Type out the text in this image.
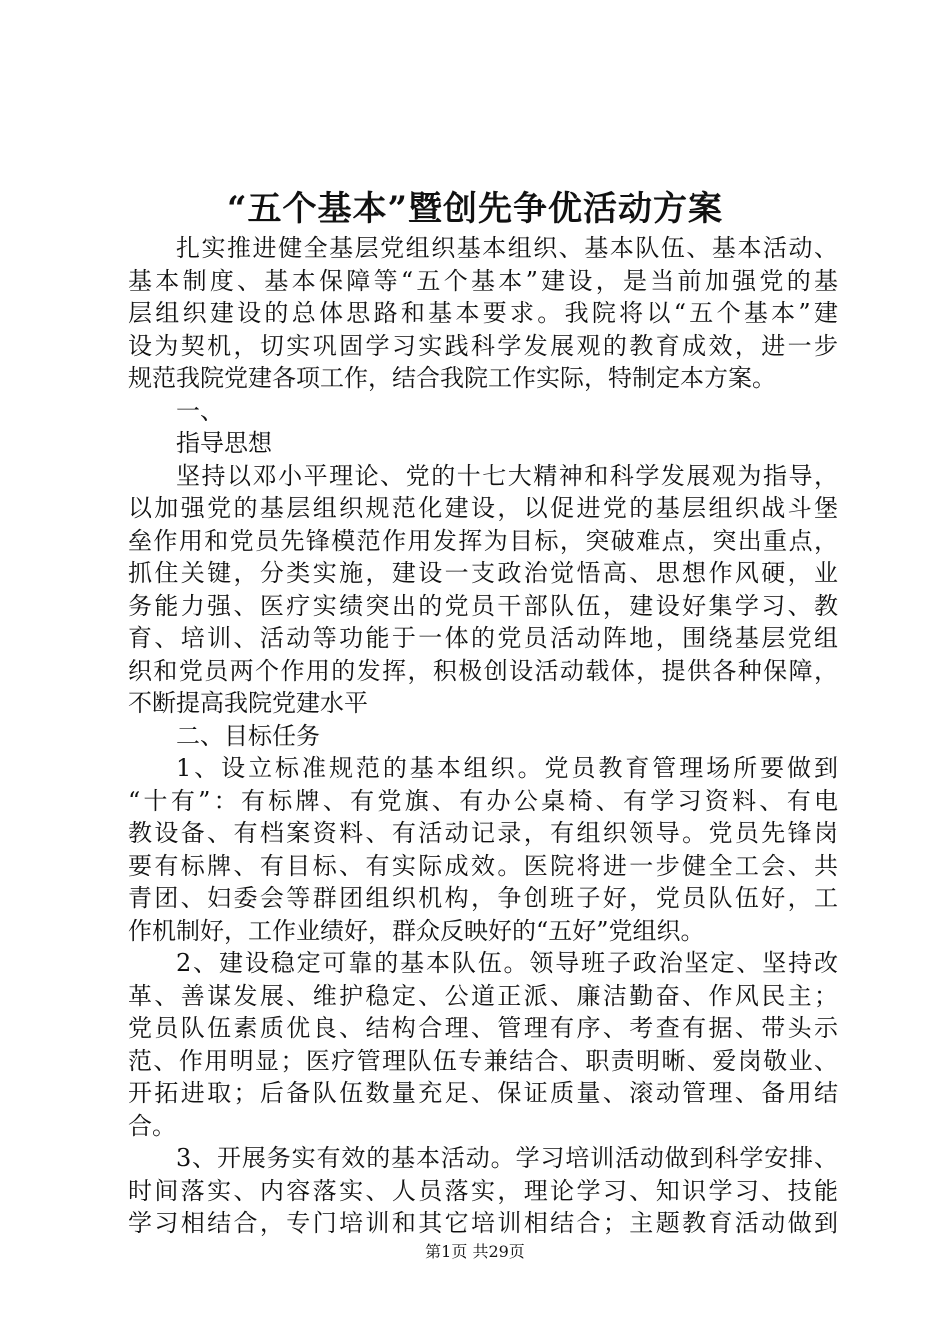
“五个基本”暨创先争优活动方案
扎实推进健全基层党组织基本组织、基本队伍、基本活动、
基本制度、基本保障等“五个基本”建设，是当前加强党的基
层组织建设的总体思路和基本要求。我院将以“五个基本”建
设为契机，切实巩固学习实践科学发展观的教育成效，进一步
规范我院党建各项工作，结合我院工作实际，特制定本方案。
一、
指导思想
坚持以邓小平理论、党的十七大精神和科学发展观为指导，
以加强党的基层组织规范化建设，以促进党的基层组织战斗堡
垒作用和党员先锋模范作用发挥为目标，突破难点，突出重点，
抓住关键，分类实施，建设一支政治觉悟高、思想作风硬，业
务能力强、医疗实绩突出的党员干部队伍，建设好集学习、教
育、培训、活动等功能于一体的党员活动阵地，围绕基层党组
织和党员两个作用的发挥，积极创设活动载体，提供各种保障，
不断提高我院党建水平
二、目标任务
1、设立标准规范的基本组织。党员教育管理场所要做到
“十有”：有标牌、有党旗、有办公桌椅、有学习资料、有电
教设备、有档案资料、有活动记录，有组织领导。党员先锋岗
要有标牌、有目标、有实际成效。医院将进一步健全工会、共
青团、妇委会等群团组织机构，争创班子好，党员队伍好，工
作机制好，工作业绩好，群众反映好的“五好”党组织。
2、建设稳定可靠的基本队伍。领导班子政治坚定、坚持改
革、善谋发展、维护稳定、公道正派、廉洁勤奋、作风民主；
党员队伍素质优良、结构合理、管理有序、考查有据、带头示
范、作用明显；医疗管理队伍专兼结合、职责明晰、爱岗敬业、
开拓进取；后备队伍数量充足、保证质量、滚动管理、备用结
合。
3、开展务实有效的基本活动。学习培训活动做到科学安排、
时间落实、内容落实、人员落实，理论学习、知识学习、技能
学习相结合，专门培训和其它培训相结合；主题教育活动做到
第1页 共29页
